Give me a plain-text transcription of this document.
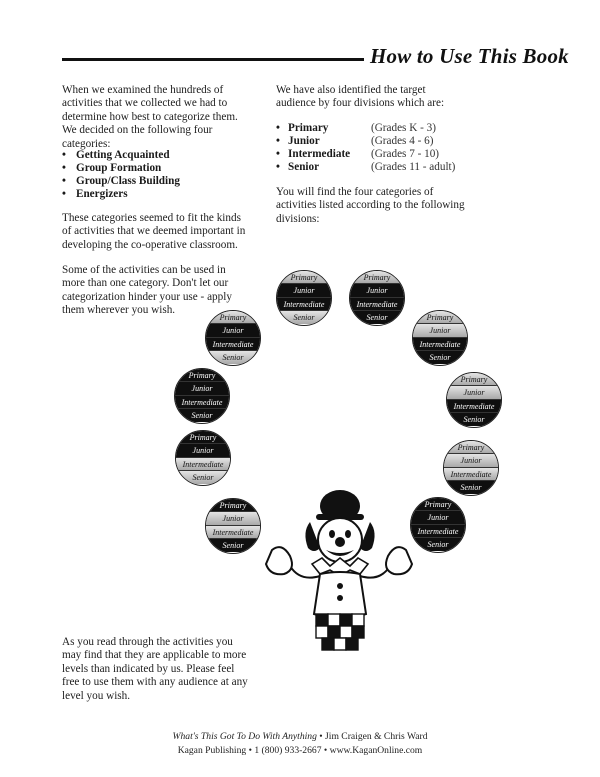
How to Use This Book
When we examined the hundreds of activities that we collected we had to determine how best to categorize them. We decided on the following four categories:
• Getting Acquainted
• Group Formation
• Group/Class Building
• Energizers
These categories seemed to fit the kinds of activities that we deemed important in developing the co-operative classroom.
Some of the activities can be used in more than one category. Don't let our categorization hinder your use - apply them wherever you wish.
We have also identified the target audience by four divisions which are:
• Primary	(Grades K - 3)
• Junior	(Grades 4 - 6)
• Intermediate	(Grades 7 - 10)
• Senior	(Grades 11 - adult)
You will find the four categories of activities listed according to the following divisions:
Primary
Junior
Intermediate
Senior
Primary
Junior
Intermediate
Senior
Primary
Junior
Intermediate
Senior
Primary
Junior
Intermediate
Senior
Primary
Junior
Intermediate
Senior
Primary
Junior
Intermediate
Senior
Primary
Junior
Intermediate
Senior
Primary
Junior
Intermediate
Senior
Primary
Junior
Intermediate
Senior
Primary
Junior
Intermediate
Senior
As you read through the activities you may find that they are applicable to more levels than indicated by us. Please feel free to use them with any audience at any level you wish.
What's This Got To Do With Anything • Jim Craigen & Chris Ward
Kagan Publishing • 1 (800) 933-2667 • www.KaganOnline.com
